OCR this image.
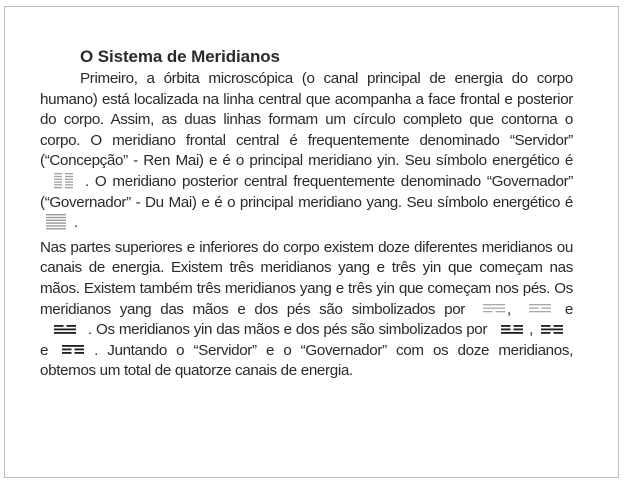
O Sistema de Meridianos

Primeiro, a órbita microscópica (o canal principal de energia do corpo humano) está localizada na linha central que acompanha a face frontal e posterior do corpo. Assim, as duas linhas formam um círculo completo que contorna o corpo. O meridiano frontal central é frequentemente denominado “Servidor” (“Concepção” - Ren Mai) e é o principal meridiano yin. Seu símbolo energético é
. O meridiano posterior central frequentemente denominado “Governador” (“Governador” - Du Mai) e é o principal meridiano yang. Seu símbolo energético é
.

Nas partes superiores e inferiores do corpo existem doze diferentes meridianos ou canais de energia. Existem três meridianos yang e três yin que começam nas mãos. Existem também três meridianos yang e três yin que começam nos pés. Os meridianos yang das mãos e dos pés são simbolizados por	,	e
. Os meridianos yin das mãos e dos pés são simbolizados por	,
e	. Juntando o “Servidor” e o “Governador” com os doze meridianos, obtemos um total de quatorze canais de energia.
